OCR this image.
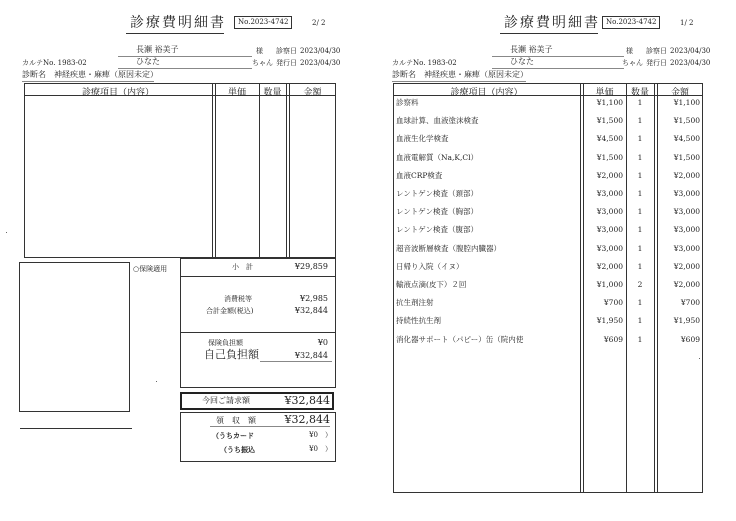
診療費明細書	No.2023-4742	2/ 2
長瀬 裕美子	様 診察日 2023/04/30
カルテNo. 1983-02	ひなた	ちゃん 発行日 2023/04/30
診断名　神経疾患・麻痺（原因未定）
診療項目（内容）	単価	数量	金額
○保険適用	小　計	¥29,859
消費税等	¥2,985
合計金額(税込)	¥32,844
保険負担額	¥0
自己負担額	¥32,844
今回ご請求額	¥32,844
領　収　額	¥32,844
（うちカード	¥0　）
（うち振込	¥0　）
診療費明細書 No.2023-4742	1/ 2
長瀬 裕美子	様 診察日 2023/04/30
カルテNo. 1983-02	ひなた	ちゃん 発行日 2023/04/30
診断名　神経疾患・麻痺（原因未定）
診療項目（内容）	単価	数量	金額
診察料	¥1,100	1	¥1,100
血球計算、血液塗沫検査	¥1,500	1	¥1,500
血液生化学検査	¥4,500	1	¥4,500
血液電解質（Na,K,Cl）	¥1,500	1	¥1,500
血液CRP検査	¥2,000	1	¥2,000
レントゲン検査（頚部）	¥3,000	1	¥3,000
レントゲン検査（胸部）	¥3,000	1	¥3,000
レントゲン検査（腹部）	¥3,000	1	¥3,000
超音波断層検査（腹腔内臓器）	¥3,000	1	¥3,000
日帰り入院（イヌ）	¥2,000	1	¥2,000
輸液点滴(皮下）２回	¥1,000	2	¥2,000
抗生剤注射	¥700	1	¥700
持続性抗生剤	¥1,950	1	¥1,950
消化器サポート（パピー）缶（院内使	¥609	1	¥609
